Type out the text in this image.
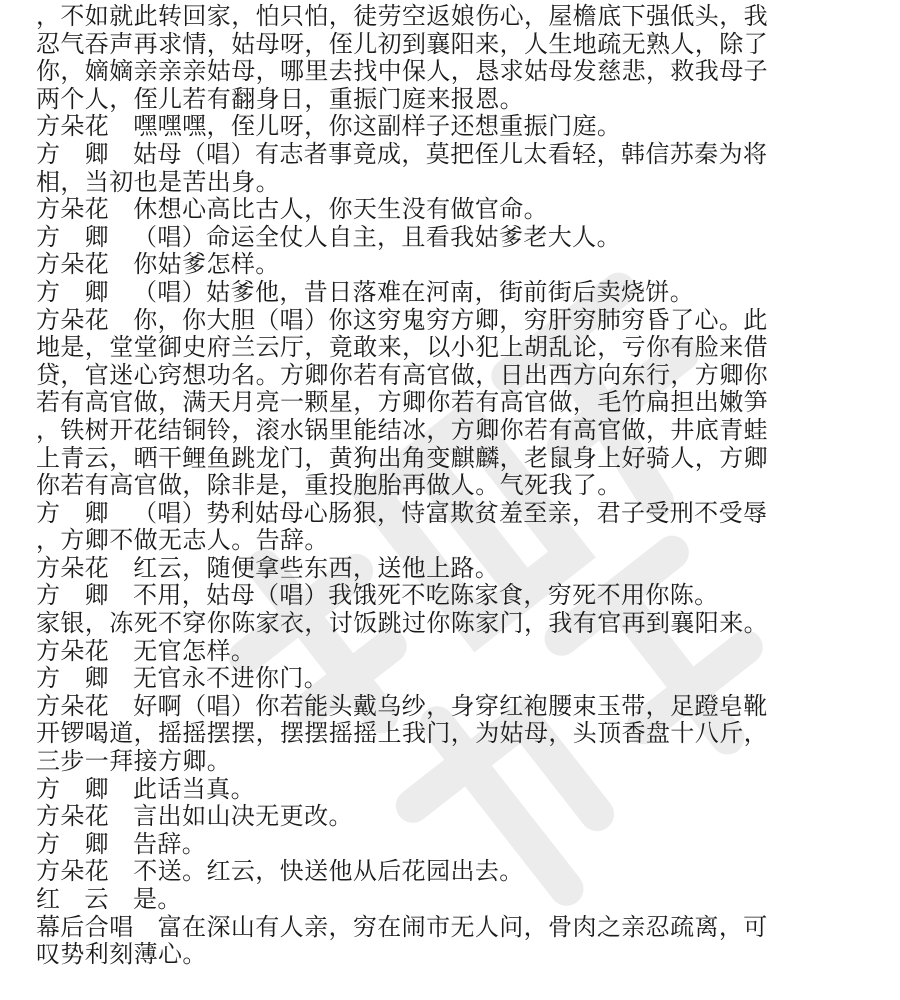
，不如就此转回家，怕只怕，徒劳空返娘伤心，屋檐底下强低头，我
忍气吞声再求情，姑母呀，侄儿初到襄阳来，人生地疏无熟人，除了
你，嫡嫡亲亲亲姑母，哪里去找中保人，恳求姑母发慈悲，救我母子
两个人，侄儿若有翻身日，重振门庭来报恩。
方朵花   嘿嘿嘿，侄儿呀，你这副样子还想重振门庭。
方   卿   姑母（唱）有志者事竟成，莫把侄儿太看轻，韩信苏秦为将
相，当初也是苦出身。
方朵花   休想心高比古人，你天生没有做官命。
方   卿   （唱）命运全仗人自主，且看我姑爹老大人。
方朵花   你姑爹怎样。
方   卿   （唱）姑爹他，昔日落难在河南，街前街后卖烧饼。
方朵花   你，你大胆（唱）你这穷鬼穷方卿，穷肝穷肺穷昏了心。此
地是，堂堂御史府兰云厅，竟敢来，以小犯上胡乱论，亏你有脸来借
贷，官迷心窍想功名。方卿你若有高官做，日出西方向东行，方卿你
若有高官做，满天月亮一颗星，方卿你若有高官做，毛竹扁担出嫩笋
，铁树开花结铜铃，滚水锅里能结冰，方卿你若有高官做，井底青蛙
上青云，晒干鲤鱼跳龙门，黄狗出角变麒麟，老鼠身上好骑人，方卿
你若有高官做，除非是，重投胞胎再做人。气死我了。
方   卿   （唱）势利姑母心肠狠，恃富欺贫羞至亲，君子受刑不受辱
，方卿不做无志人。告辞。
方朵花   红云，随便拿些东西，送他上路。
方   卿   不用，姑母（唱）我饿死不吃陈家食，穷死不用你陈。
家银，冻死不穿你陈家衣，讨饭跳过你陈家门，我有官再到襄阳来。
方朵花   无官怎样。
方   卿   无官永不进你门。
方朵花   好啊（唱）你若能头戴乌纱，身穿红袍腰束玉带，足蹬皂靴
开锣喝道，摇摇摆摆，摆摆摇摇上我门，为姑母，头顶香盘十八斤，
三步一拜接方卿。
方   卿   此话当真。
方朵花   言出如山决无更改。
方   卿   告辞。
方朵花   不送。红云，快送他从后花园出去。
红   云   是。
幕后合唱   富在深山有人亲，穷在闹市无人问，骨肉之亲忍疏离，可
叹势利刻薄心。
